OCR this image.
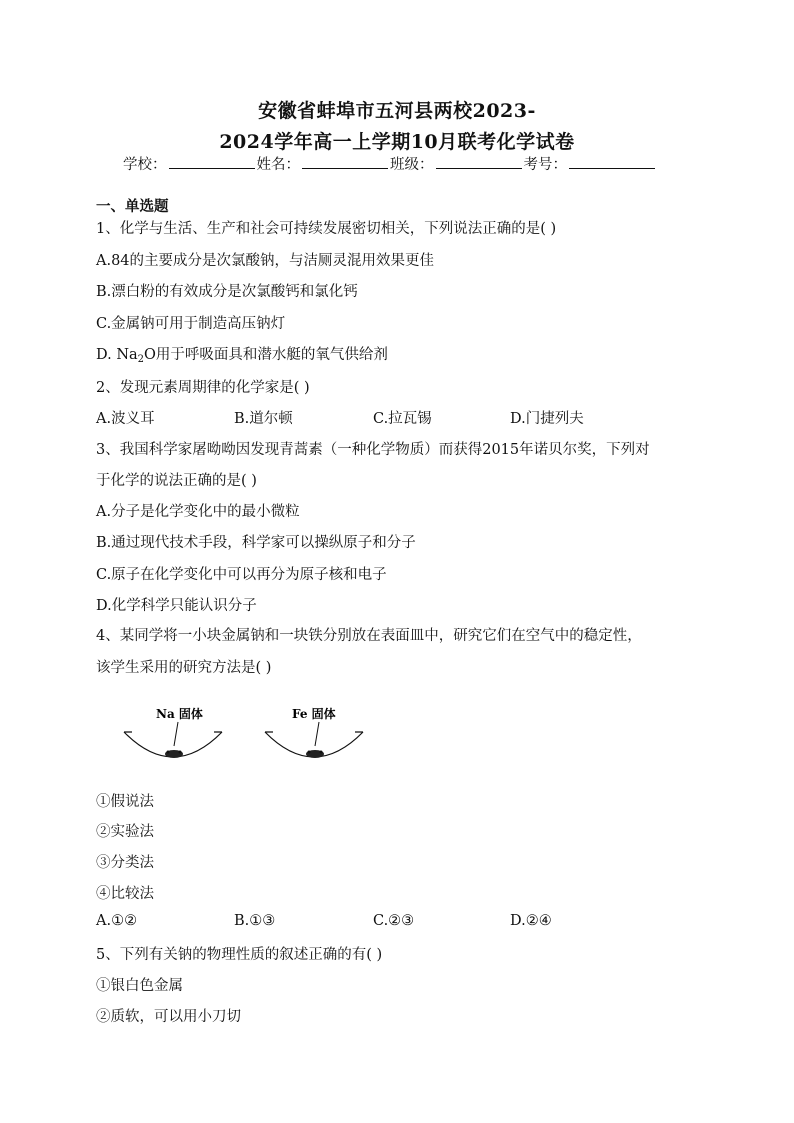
安徽省蚌埠市五河县两校2023-
2024学年高一上学期10月联考化学试卷
学校：	姓名：	班级：	考号：
一、单选题
1、化学与生活、生产和社会可持续发展密切相关，下列说法正确的是( )
A.84的主要成分是次氯酸钠，与洁厕灵混用效果更佳
B.漂白粉的有效成分是次氯酸钙和氯化钙
C.金属钠可用于制造高压钠灯
D. $Na_2O$用于呼吸面具和潜水艇的氧气供给剂
2、发现元素周期律的化学家是( )
A.波义耳	B.道尔顿	C.拉瓦锡	D.门捷列夫
3、我国科学家屠呦呦因发现青蒿素（一种化学物质）而获得2015年诺贝尔奖，下列对
于化学的说法正确的是( )
A.分子是化学变化中的最小微粒
B.通过现代技术手段，科学家可以操纵原子和分子
C.原子在化学变化中可以再分为原子核和电子
D.化学科学只能认识分子
4、某同学将一小块金属钠和一块铁分别放在表面皿中，研究它们在空气中的稳定性，
该学生采用的研究方法是( )
Na 固体	Fe 固体
①假说法
②实验法
③分类法
④比较法
A.①②	B.①③	C.②③	D.②④
5、下列有关钠的物理性质的叙述正确的有( )
①银白色金属
②质软，可以用小刀切
